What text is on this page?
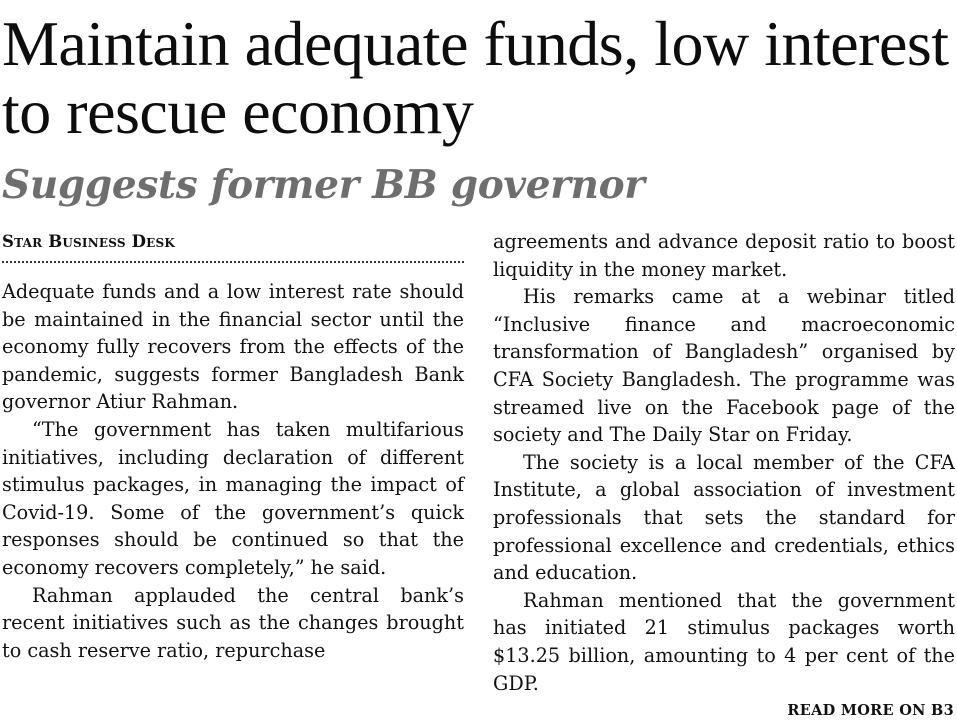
Maintain adequate funds, low interest to rescue economy
Suggests former BB governor
Star Business Desk

Adequate funds and a low interest rate should be maintained in the financial sector until the economy fully recovers from the effects of the pandemic, suggests former Bangladesh Bank governor Atiur Rahman.

“The government has taken multifarious initiatives, including declaration of different stimulus packages, in managing the impact of Covid-19. Some of the government’s quick responses should be continued so that the economy recovers completely,” he said.

Rahman applauded the central bank’s recent initiatives such as the changes brought to cash reserve ratio, repurchase

agreements and advance deposit ratio to boost liquidity in the money market.

His remarks came at a webinar titled “Inclusive finance and macroeconomic transformation of Bangladesh” organised by CFA Society Bangladesh. The programme was streamed live on the Facebook page of the society and The Daily Star on Friday.

The society is a local member of the CFA Institute, a global association of investment professionals that sets the standard for professional excellence and credentials, ethics and education.

Rahman mentioned that the government has initiated 21 stimulus packages worth $13.25 billion, amounting to 4 per cent of the GDP.

READ MORE ON B3
